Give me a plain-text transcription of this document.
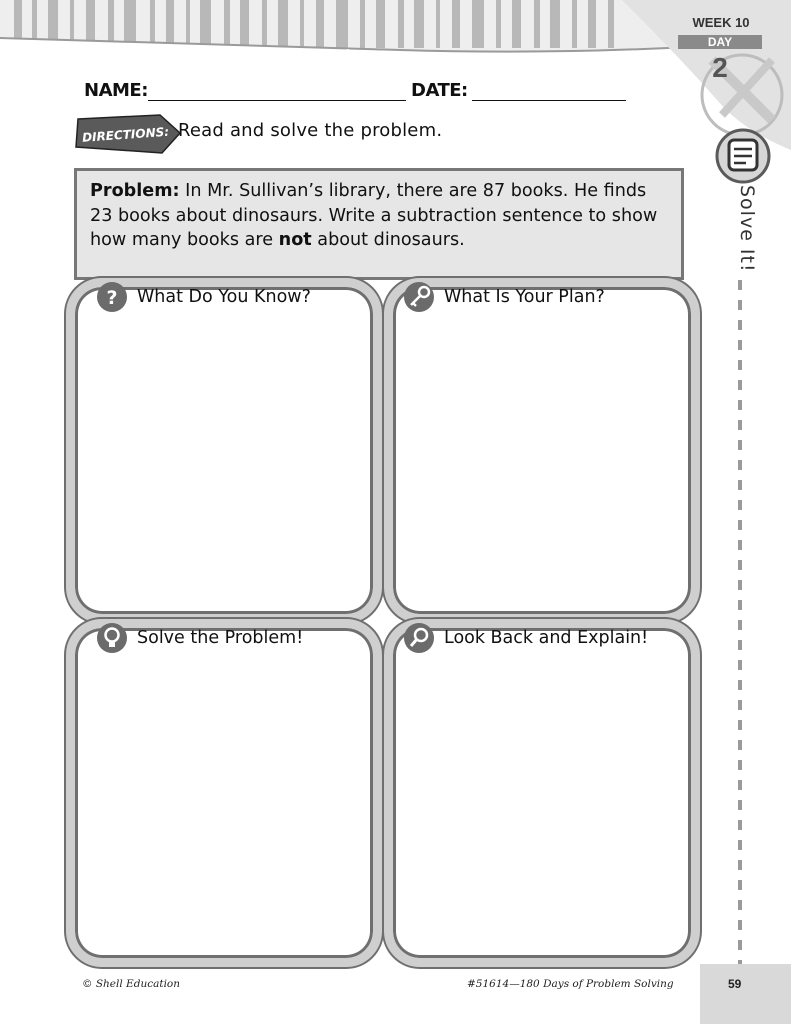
WEEK 10
DAY
2
NAME:	DATE:
DIRECTIONS: Read and solve the problem.
Solve It!
Problem: In Mr. Sullivan’s library, there are 87 books. He finds 23 books about dinosaurs. Write a subtraction sentence to show how many books are not about dinosaurs.
? What Do You Know?	What Is Your Plan?
Solve the Problem!	Look Back and Explain!
© Shell Education	#51614—180 Days of Problem Solving	59
